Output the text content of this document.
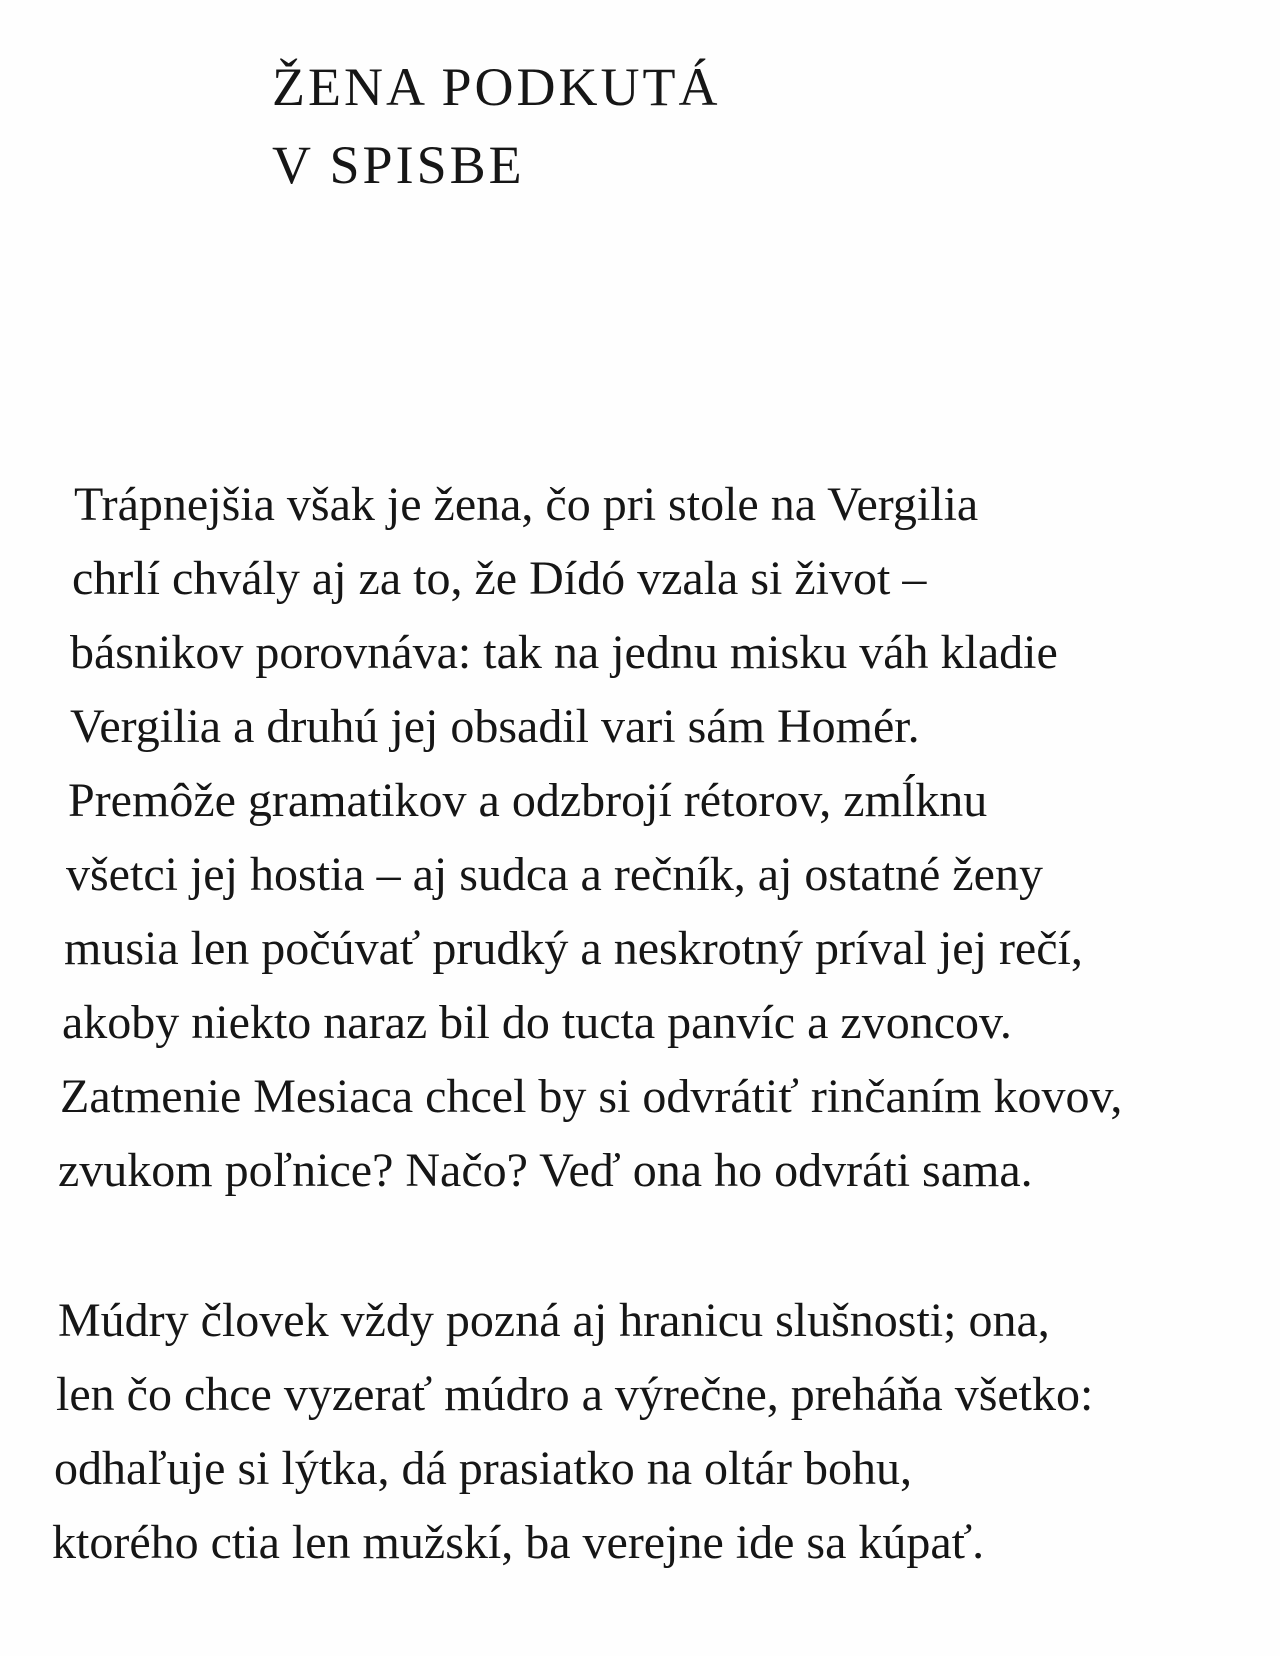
ŽENA PODKUTÁ
V SPISBE
Trápnejšia však je žena, čo pri stole na Vergilia
chrlí chvály aj za to, že Dídó vzala si život –
básnikov porovnáva: tak na jednu misku váh kladie
Vergilia a druhú jej obsadil vari sám Homér.
Premôže gramatikov a odzbrojí rétorov, zmĺknu
všetci jej hostia – aj sudca a rečník, aj ostatné ženy
musia len počúvať prudký a neskrotný príval jej rečí,
akoby niekto naraz bil do tucta panvíc a zvoncov.
Zatmenie Mesiaca chcel by si odvrátiť rinčaním kovov,
zvukom poľnice? Načo? Veď ona ho odvráti sama.
Múdry človek vždy pozná aj hranicu slušnosti; ona,
len čo chce vyzerať múdro a výrečne, preháňa všetko:
odhaľuje si lýtka, dá prasiatko na oltár bohu,
ktorého ctia len mužskí, ba verejne ide sa kúpať.
